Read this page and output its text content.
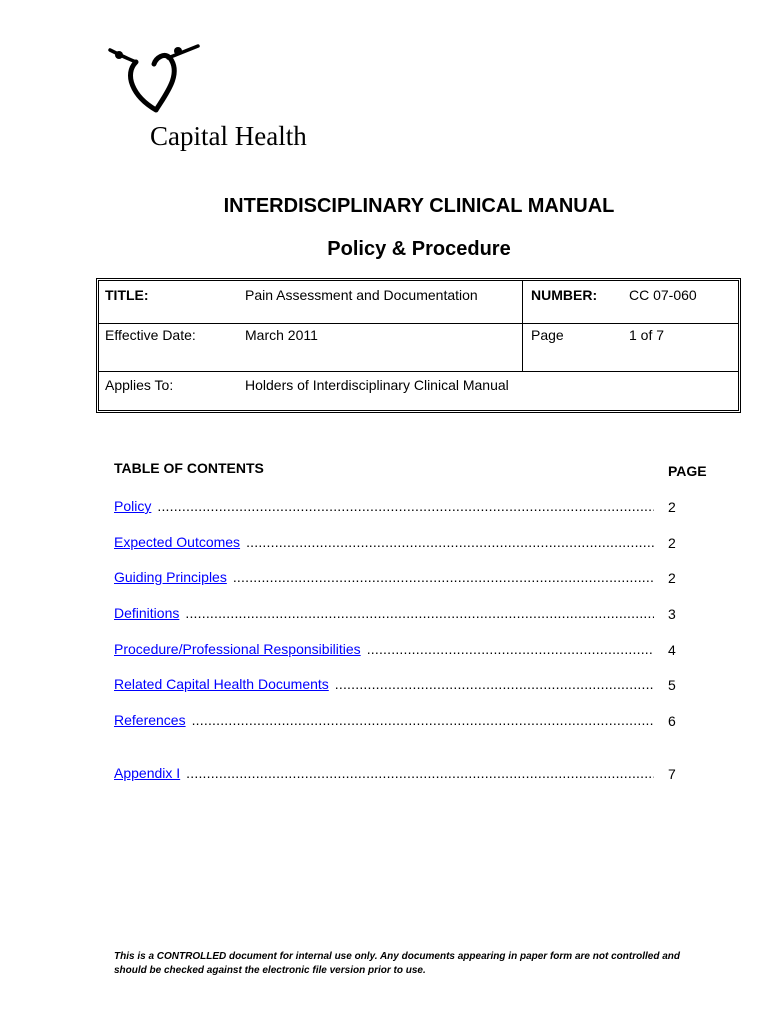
Capital Health
INTERDISCIPLINARY CLINICAL MANUAL
Policy & Procedure
TITLE:	Pain Assessment and Documentation	NUMBER: CC 07-060
Effective Date:	March 2011	Page	1 of 7
Applies To:	Holders of Interdisciplinary Clinical Manual
TABLE OF CONTENTS	PAGE
Policy .....	2
Expected Outcomes .....	2
Guiding Principles .....	2
Definitions .....	3
Procedure/Professional Responsibilities .....	4
Related Capital Health Documents .....	5
References .....	6
Appendix I .....	7
This is a CONTROLLED document for internal use only. Any documents appearing in paper form are not controlled and should be checked against the electronic file version prior to use.
